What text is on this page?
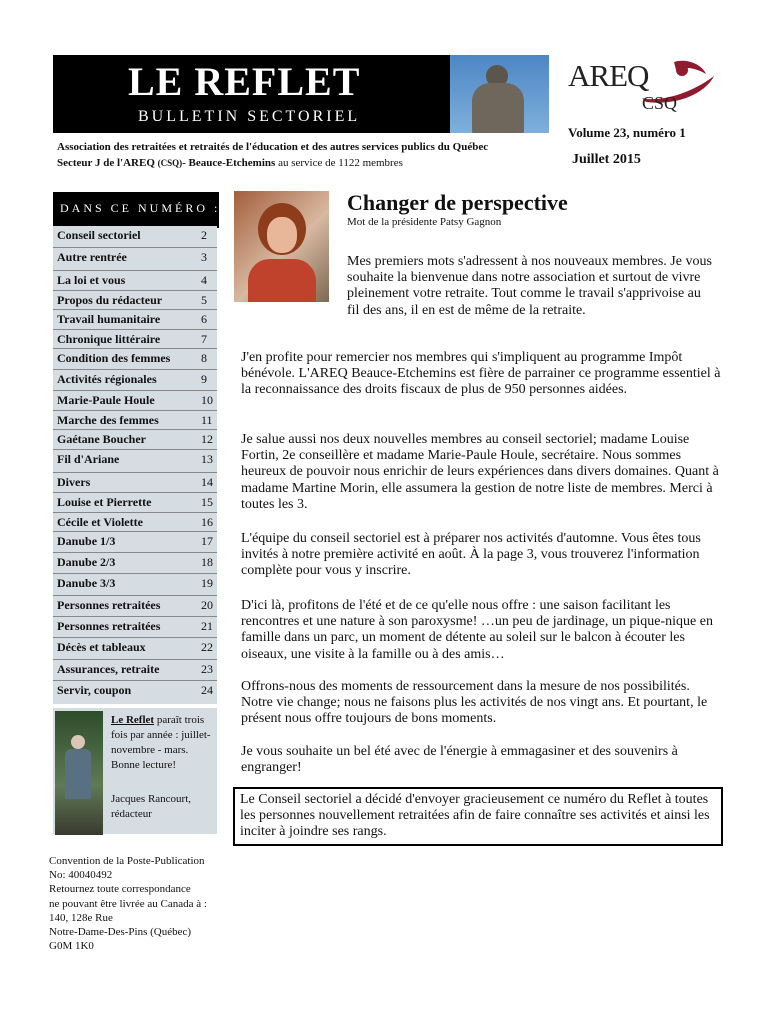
LE REFLET
BULLETIN SECTORIEL
AREQ
CSQ
Volume 23, numéro 1
Juillet 2015
Association des retraitées et retraités de l'éducation et des autres services publics du Québec
Secteur J de l'AREQ (CSQ)- Beauce-Etchemins au service de 1122 membres
DANS CE NUMÉRO :
Conseil sectoriel	2
Autre rentrée	3
La loi et vous	4
Propos du rédacteur	5
Travail humanitaire	6
Chronique littéraire	7
Condition des femmes	8
Activités régionales	9
Marie-Paule Houle	10
Marche des femmes	11
Gaétane Boucher	12
Fil d'Ariane	13
Divers	14
Louise et Pierrette	15
Cécile et Violette	16
Danube 1/3	17
Danube 2/3	18
Danube 3/3	19
Personnes retraitées	20
Personnes retraitées	21
Décès et tableaux	22
Assurances, retraite	23
Servir, coupon	24
Le Reflet paraît trois fois par année : juillet-novembre - mars. Bonne lecture!
Jacques Rancourt, rédacteur
Convention de la Poste-Publication
No: 40040492
Retournez toute correspondance
ne pouvant être livrée au Canada à :
140, 128e Rue
Notre-Dame-Des-Pins (Québec)
G0M 1K0
Changer de perspective
Mot de la présidente Patsy Gagnon
Mes premiers mots s'adressent à nos nouveaux membres. Je vous souhaite la bienvenue dans notre association et surtout de vivre pleinement votre retraite. Tout comme le travail s'apprivoise au fil des ans, il en est de même de la retraite.
J'en profite pour remercier nos membres qui s'impliquent au programme Impôt bénévole. L'AREQ Beauce-Etchemins est fière de parrainer ce programme essentiel à la reconnaissance des droits fiscaux de plus de 950 personnes aidées.
Je salue aussi nos deux nouvelles membres au conseil sectoriel; madame Louise Fortin, 2e conseillère et madame Marie-Paule Houle, secrétaire. Nous sommes heureux de pouvoir nous enrichir de leurs expériences dans divers domaines. Quant à madame Martine Morin, elle assumera la gestion de notre liste de membres. Merci à toutes les 3.
L'équipe du conseil sectoriel est à préparer nos activités d'automne. Vous êtes tous invités à notre première activité en août. À la page 3, vous trouverez l'information complète pour vous y inscrire.
D'ici là, profitons de l'été et de ce qu'elle nous offre : une saison facilitant les rencontres et une nature à son paroxysme! …un peu de jardinage, un pique-nique en famille dans un parc, un moment de détente au soleil sur le balcon à écouter les oiseaux, une visite à la famille ou à des amis…
Offrons-nous des moments de ressourcement dans la mesure de nos possibilités. Notre vie change; nous ne faisons plus les activités de nos vingt ans. Et pourtant, le présent nous offre toujours de bons moments.
Je vous souhaite un bel été avec de l'énergie à emmagasiner et des souvenirs à engranger!
Le Conseil sectoriel a décidé d'envoyer gracieusement ce numéro du Reflet à toutes les personnes nouvellement retraitées afin de faire connaître ses activités et ainsi les inciter à joindre ses rangs.
